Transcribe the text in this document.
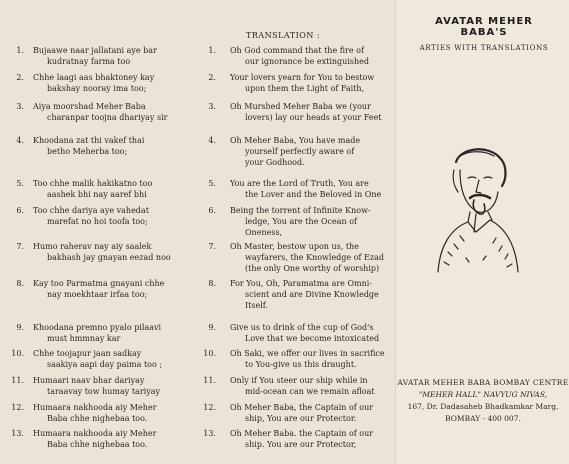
TRANSLATION :
1. Bujaawe naar jallatani aye bar
kudratnay farma too
1. Oh God command that the fire of
our ignorance be extinguished
2. Chhe laagi aas bhaktoney kay
bakshay nooray ima too;
2. Your lovers yearn for You to bestow
upon them the Light of Faith,
3. Aiya moorshad Meher Baba
charanpar toojna dhariyay sir
3. Oh Murshed Meher Baba we (your
lovers) lay our heads at your Feet
4. Khoodana zat thi vakef thai
betho Meherba too;
4. Oh Meher Baba, You have made
yourself perfectly aware of
your Godhood.
5. Too chhe malik hakikatno too
aashek bhi nay aaref bhi
5. You are the Lord of Truth, You are
the Lover and the Beloved in One
6. Too chhe dariya aye vahedat
marefat no hoi toofa too;
6. Being the torrent of Infinite Know-
ledge, You are the Ocean of
Oneness,
7. Humo raherav nay aiy saalek
bakhash jay gnayan eezad noo
7. Oh Master, bestow upon us, the
wayfarers, the Knowledge of Ezad
(the only One worthy of worship)
8. Kay too Parmatma gnayani chhe
nay moekhtaar irfaa too;
8. For You, Oh, Paramatma are Omni-
scient and are Divine Knowledge
Itself.
9. Khoodana premno pyalo pilaavi
must hmmnay kar
9. Give us to drink of the cup of God's
Love that we become intoxicated
10. Chhe toojapur jaan sadkay
saakiya aapi day paima too ;
10. Oh Saki, we offer our lives in sacrifice
to You-give us this draught.
11. Humaari naav bhar dariyay
taraavay tow humay tariyay
11. Only if You steer our ship while in
mid-ocean can we remain afloat
12. Humaara nakhooda aiy Meher
Baba chhe nighebaa too.
12. Oh Meher Baba, the Captain of our
ship, You are our Protector.
13. Humaara nakhooda aiy Meher
Baba chhe nighebaa too.
13. Oh Meher Baba. the Captain of our
ship. You are our Protector,
AVATAR MEHER BABA'S
ARTIES WITH TRANSLATIONS
AVATAR MEHER BABA BOMBAY CENTRE
"MEHER HALL" NAVYUG NIVAS,
167, Dr. Dadasaheb Bhadkamkar Marg,
BOMBAY - 400 007.
